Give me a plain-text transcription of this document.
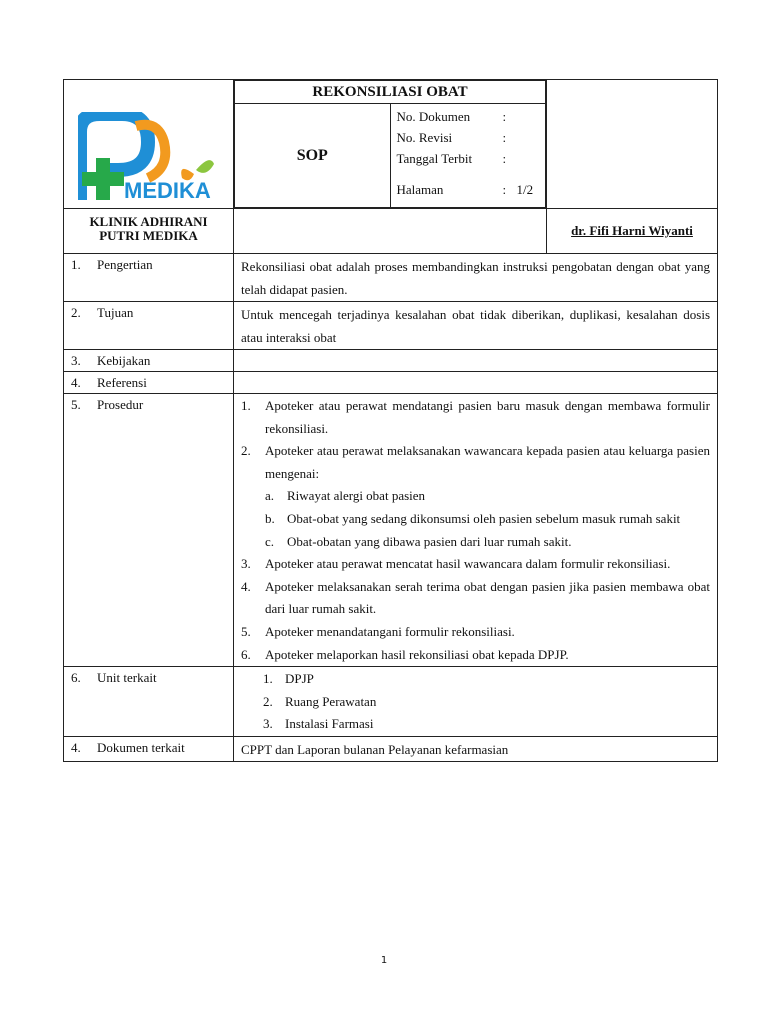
MEDIKA

REKONSILIASI OBAT
SOP	
No. Dokumen	:
No. Revisi	:
Tanggal Terbit	:
Halaman	: 1/2

KLINIK ADHIRANI
PUTRI MEDIKA		dr. Fifi Harni Wiyanti
1. Pengertian	Rekonsiliasi obat adalah proses membandingkan instruksi pengobatan dengan obat yang telah didapat pasien.
2. Tujuan	Untuk mencegah terjadinya kesalahan obat tidak diberikan, duplikasi, kesalahan dosis atau interaksi obat
3. Kebijakan	
4. Referensi	
5. Prosedur	1.	Apoteker atau perawat mendatangi pasien baru masuk dengan membawa formulir rekonsiliasi.
2.	Apoteker atau perawat melaksanakan wawancara kepada pasien atau keluarga pasien mengenai:
a. Riwayat alergi obat pasien
b. Obat-obat yang sedang dikonsumsi oleh pasien sebelum masuk rumah sakit
c. Obat-obatan yang dibawa pasien dari luar rumah sakit.
3.	Apoteker atau perawat mencatat hasil wawancara dalam formulir rekonsiliasi.
4.	Apoteker melaksanakan serah terima obat dengan pasien jika pasien membawa obat dari luar rumah sakit.
5.	Apoteker menandatangani formulir rekonsiliasi.
6.	Apoteker melaporkan hasil rekonsiliasi obat kepada DPJP.

6. Unit terkait	1. DPJP
2. Ruang Perawatan
3. Instalasi Farmasi

4. Dokumen terkait	CPPT dan Laporan bulanan Pelayanan kefarmasian
1
